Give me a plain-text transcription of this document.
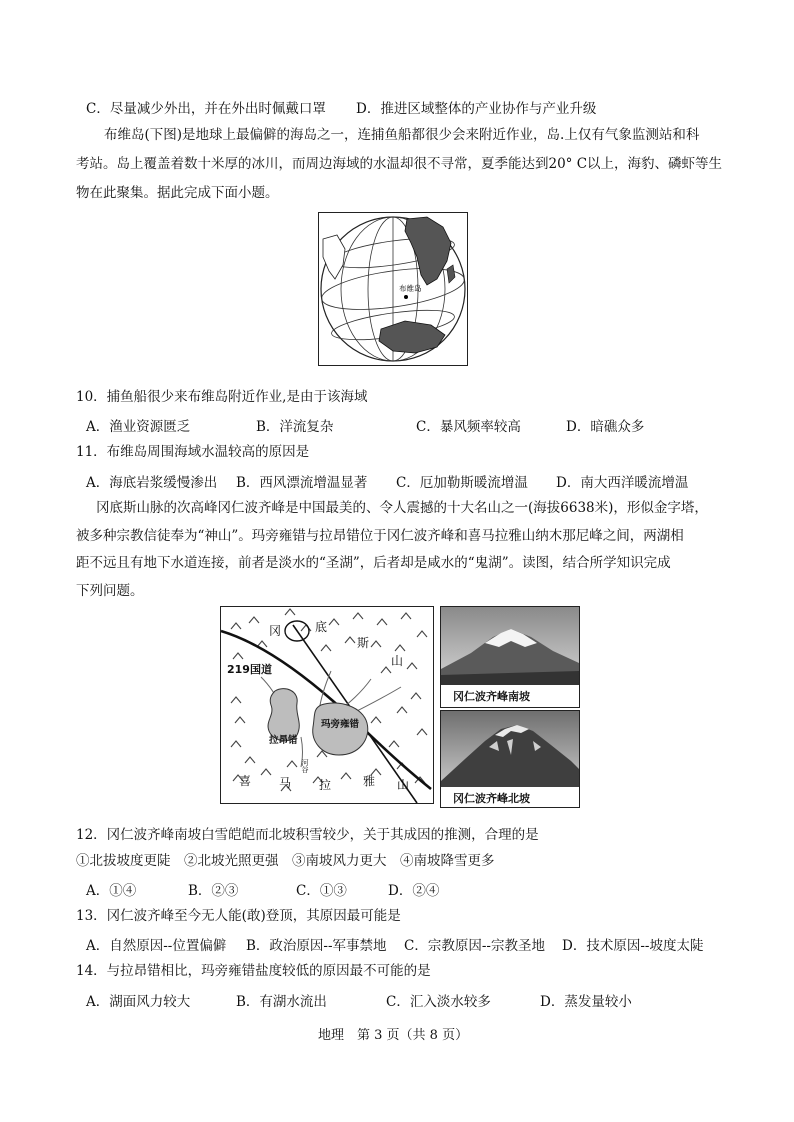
C．尽量减少外出，并在外出时佩戴口罩 D．推进区域整体的产业协作与产业升级
布维岛(下图)是地球上最偏僻的海岛之一，连捕鱼船都很少会来附近作业，岛.上仅有气象监测站和科
考站。岛上覆盖着数十米厚的冰川，而周边海域的水温却很不寻常，夏季能达到20° C以上，海豹、磷虾等生
物在此聚集。据此完成下面小题。
布维岛
10．捕鱼船很少来布维岛附近作业,是由于该海域
A．渔业资源匮乏	B．洋流复杂	C．暴风频率较高	D．暗礁众多
11．布维岛周围海域水温较高的原因是
A．海底岩浆缓慢渗出 B．西风漂流增温显著 C．厄加勒斯暖流增温 D．南大西洋暖流增温
冈底斯山脉的次高峰冈仁波齐峰是中国最美的、令人震撼的十大名山之一(海拔6638米)，形似金字塔，
被多种宗教信徒奉为“神山”。玛旁雍错与拉昂错位于冈仁波齐峰和喜马拉雅山纳木那尼峰之间，两湖相
距不远且有地下水道连接，前者是淡水的“圣湖”，后者却是咸水的“鬼湖”。读图，结合所学知识完成
下列问题。
冈	底
斯
山
219国道
玛旁雍错
拉昂错
河谷
喜 马 拉	雅 山
冈仁波齐峰南坡
冈仁波齐峰北坡
12．冈仁波齐峰南坡白雪皑皑而北坡积雪较少，关于其成因的推测，合理的是
①北拔坡度更陡　②北坡光照更强　③南坡风力更大　④南坡降雪更多
A．①④	B．②③	C．①③	D．②④
13．冈仁波齐峰至今无人能(敢)登顶，其原因最可能是
A．自然原因--位置偏僻 B．政治原因--军事禁地 C．宗教原因--宗教圣地 D．技术原因--坡度太陡
14．与拉昂错相比，玛旁雍错盐度较低的原因最不可能的是
A．湖面风力较大	B．有湖水流出	C．汇入淡水较多	D．蒸发量较小
地理　第 3 页（共 8 页）
